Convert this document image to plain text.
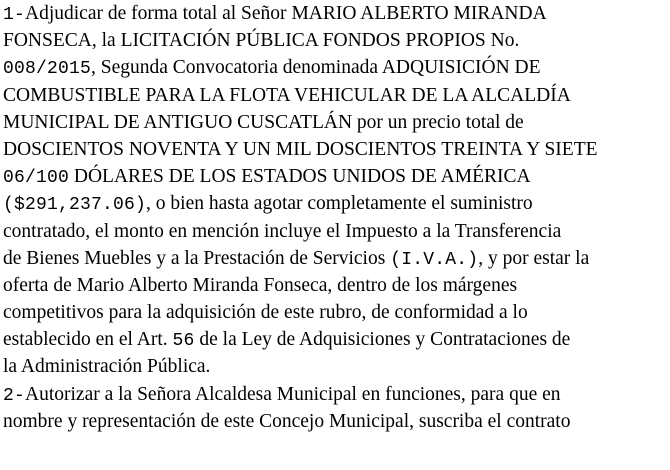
1-Adjudicar de forma total al Señor MARIO ALBERTO MIRANDA
FONSECA, la LICITACIÓN PÚBLICA FONDOS PROPIOS No.
008/2015, Segunda Convocatoria denominada ADQUISICIÓN DE
COMBUSTIBLE PARA LA FLOTA VEHICULAR DE LA ALCALDÍA
MUNICIPAL DE ANTIGUO CUSCATLÁN por un precio total de
DOSCIENTOS NOVENTA Y UN MIL DOSCIENTOS TREINTA Y SIETE
06/100 DÓLARES DE LOS ESTADOS UNIDOS DE AMÉRICA
($291,237.06), o bien hasta agotar completamente el suministro
contratado, el monto en mención incluye el Impuesto a la Transferencia
de Bienes Muebles y a la Prestación de Servicios (I.V.A.), y por estar la
oferta de Mario Alberto Miranda Fonseca, dentro de los márgenes
competitivos para la adquisición de este rubro, de conformidad a lo
establecido en el Art. 56 de la Ley de Adquisiciones y Contrataciones de
la Administración Pública.
2-Autorizar a la Señora Alcaldesa Municipal en funciones, para que en
nombre y representación de este Concejo Municipal, suscriba el contrato
